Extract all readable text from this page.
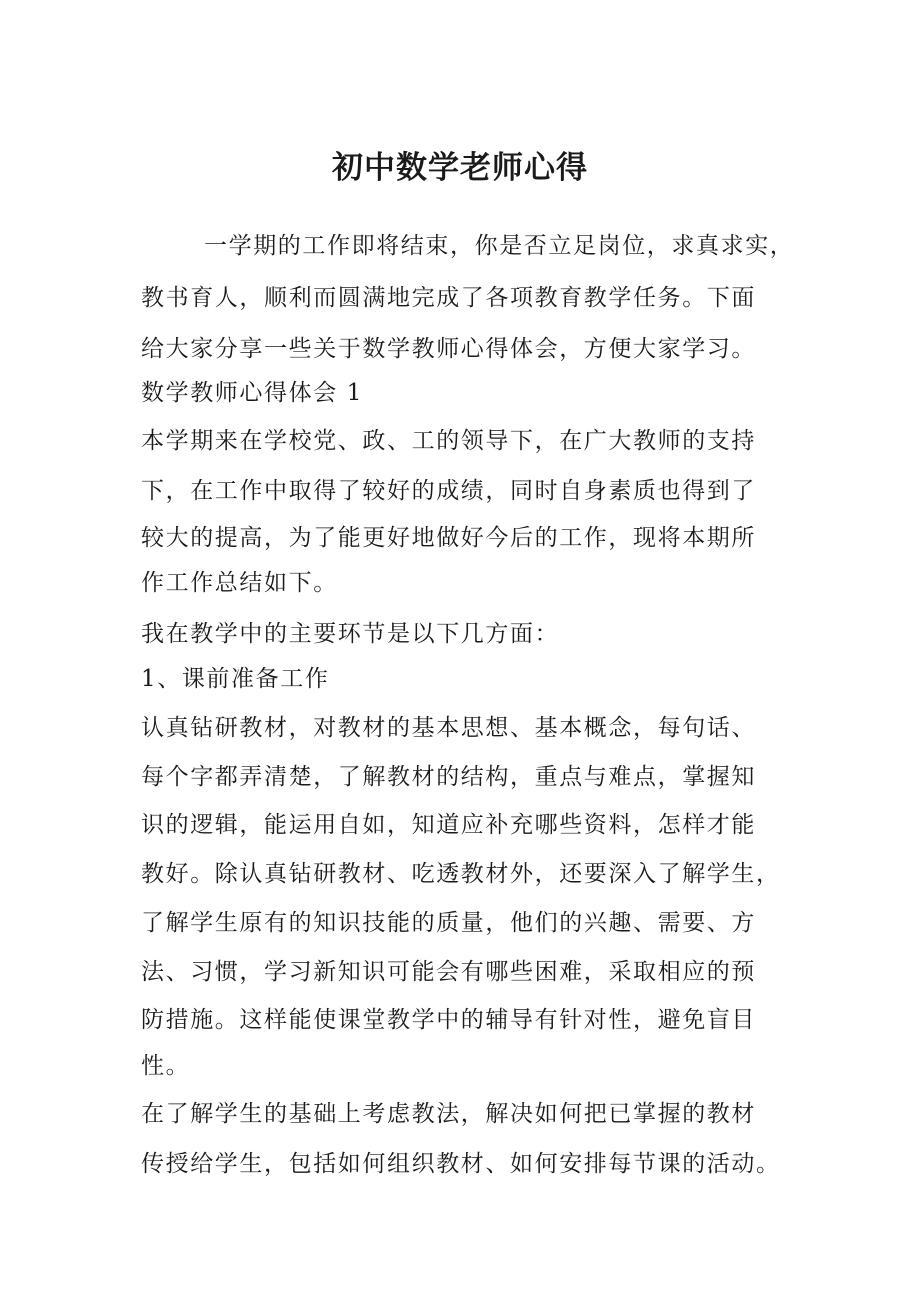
初中数学老师心得
一学期的工作即将结束，你是否立足岗位，求真求实，
教书育人，顺利而圆满地完成了各项教育教学任务。下面
给大家分享一些关于数学教师心得体会，方便大家学习。
数学教师心得体会 1
本学期来在学校党、政、工的领导下，在广大教师的支持
下，在工作中取得了较好的成绩，同时自身素质也得到了
较大的提高，为了能更好地做好今后的工作，现将本期所
作工作总结如下。
我在教学中的主要环节是以下几方面：
1、课前准备工作
认真钻研教材，对教材的基本思想、基本概念，每句话、
每个字都弄清楚，了解教材的结构，重点与难点，掌握知
识的逻辑，能运用自如，知道应补充哪些资料，怎样才能
教好。除认真钻研教材、吃透教材外，还要深入了解学生，
了解学生原有的知识技能的质量，他们的兴趣、需要、方
法、习惯，学习新知识可能会有哪些困难，采取相应的预
防措施。这样能使课堂教学中的辅导有针对性，避免盲目
性。
在了解学生的基础上考虑教法，解决如何把已掌握的教材
传授给学生，包括如何组织教材、如何安排每节课的活动。
